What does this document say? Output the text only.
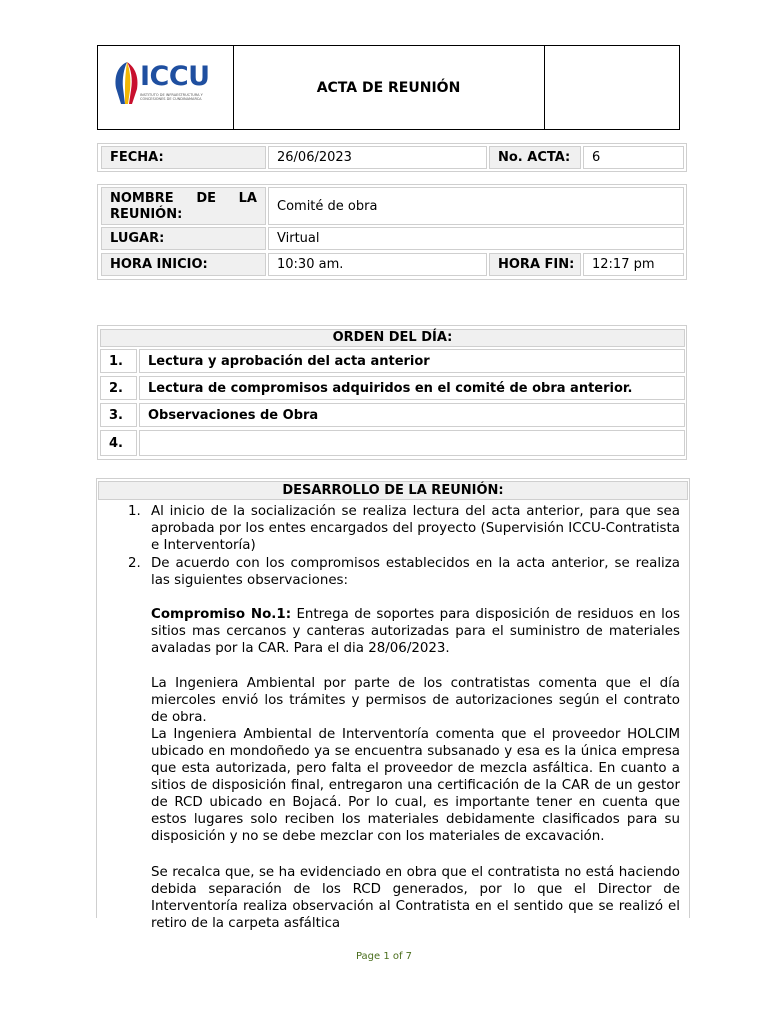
ICCU
INSTITUTO DE INFRAESTRUCTURA Y CONCESIONES DE CUNDINAMARCA
ACTA DE REUNIÓN
FECHA:	26/06/2023	No. ACTA:	6
NOMBRE DE LA
REUNIÓN:
Comité de obra
LUGAR:	Virtual
HORA INICIO:	10:30 am.	HORA FIN:	12:17 pm
ORDEN DEL DÍA:
1.	Lectura y aprobación del acta anterior
2.	Lectura de compromisos adquiridos en el comité de obra anterior.
3.	Observaciones de Obra
4.
DESARROLLO DE LA REUNIÓN:
1. Al inicio de la socialización se realiza lectura del acta anterior, para que sea aprobada por los entes encargados del proyecto (Supervisión ICCU-Contratista e Interventoría)
2. De acuerdo con los compromisos establecidos en la acta anterior, se realiza las siguientes observaciones:
Compromiso No.1: Entrega de soportes para disposición de residuos en los sitios mas cercanos y canteras autorizadas para el suministro de materiales avaladas por la CAR. Para el dia 28/06/2023.
La Ingeniera Ambiental por parte de los contratistas comenta que el día miercoles envió los trámites y permisos de autorizaciones según el contrato de obra.
La Ingeniera Ambiental de Interventoría comenta que el proveedor HOLCIM ubicado en mondoñedo ya se encuentra subsanado y esa es la única empresa que esta autorizada, pero falta el proveedor de mezcla asfáltica. En cuanto a sitios de disposición final, entregaron una certificación de la CAR de un gestor de RCD ubicado en Bojacá. Por lo cual, es importante tener en cuenta que estos lugares solo reciben los materiales debidamente clasificados para su disposición y no se debe mezclar con los materiales de excavación.
Se recalca que, se ha evidenciado en obra que el contratista no está haciendo debida separación de los RCD generados, por lo que el Director de Interventoría realiza observación al Contratista en el sentido que se realizó el retiro de la carpeta asfáltica
Page 1 of 7
